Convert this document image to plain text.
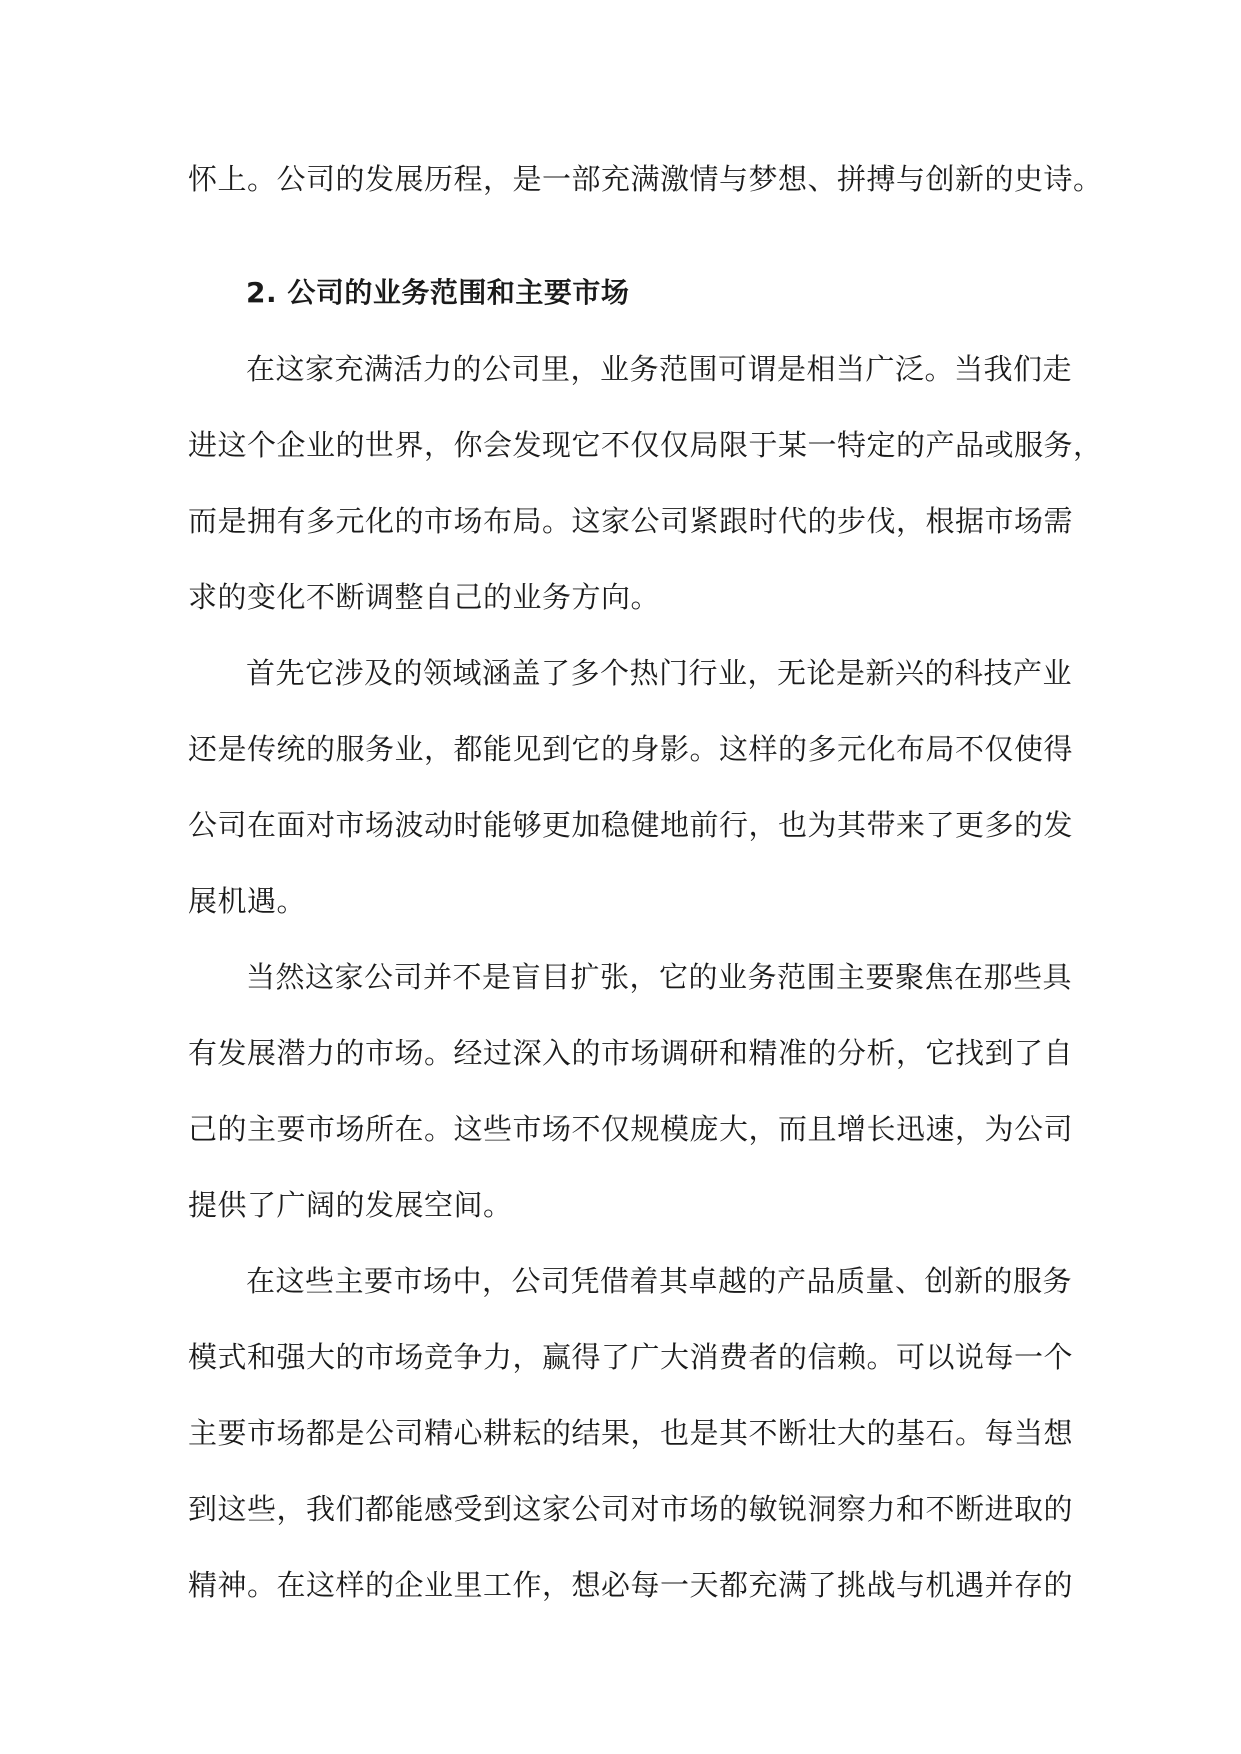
怀上。公司的发展历程，是一部充满激情与梦想、拼搏与创新的史诗。
2. 公司的业务范围和主要市场
在这家充满活力的公司里，业务范围可谓是相当广泛。当我们走
进这个企业的世界，你会发现它不仅仅局限于某一特定的产品或服务，
而是拥有多元化的市场布局。这家公司紧跟时代的步伐，根据市场需
求的变化不断调整自己的业务方向。
首先它涉及的领域涵盖了多个热门行业，无论是新兴的科技产业
还是传统的服务业，都能见到它的身影。这样的多元化布局不仅使得
公司在面对市场波动时能够更加稳健地前行，也为其带来了更多的发
展机遇。
当然这家公司并不是盲目扩张，它的业务范围主要聚焦在那些具
有发展潜力的市场。经过深入的市场调研和精准的分析，它找到了自
己的主要市场所在。这些市场不仅规模庞大，而且增长迅速，为公司
提供了广阔的发展空间。
在这些主要市场中，公司凭借着其卓越的产品质量、创新的服务
模式和强大的市场竞争力，赢得了广大消费者的信赖。可以说每一个
主要市场都是公司精心耕耘的结果，也是其不断壮大的基石。每当想
到这些，我们都能感受到这家公司对市场的敏锐洞察力和不断进取的
精神。在这样的企业里工作，想必每一天都充满了挑战与机遇并存的
